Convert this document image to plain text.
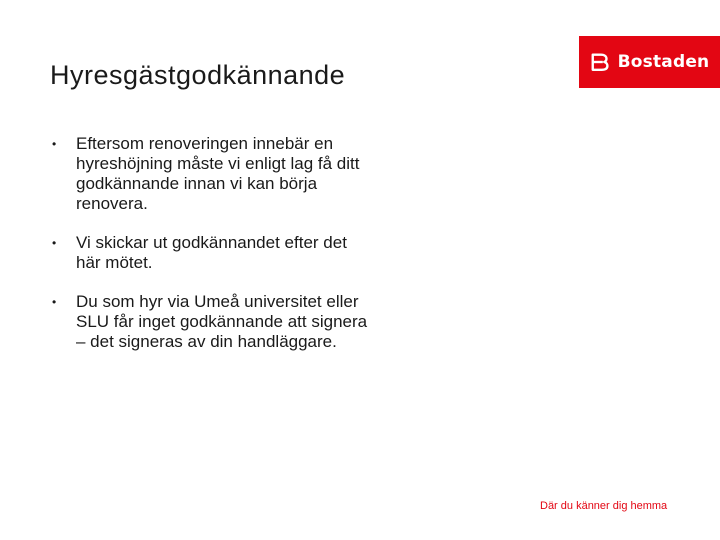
Hyresgästgodkännande	Bostaden
•	Eftersom renoveringen innebär en hyreshöjning måste vi enligt lag få ditt godkännande innan vi kan börja renovera.
•	Vi skickar ut godkännandet efter det här mötet.
•	Du som hyr via Umeå universitet eller SLU får inget godkännande att signera – det signeras av din handläggare.
Där du känner dig hemma
